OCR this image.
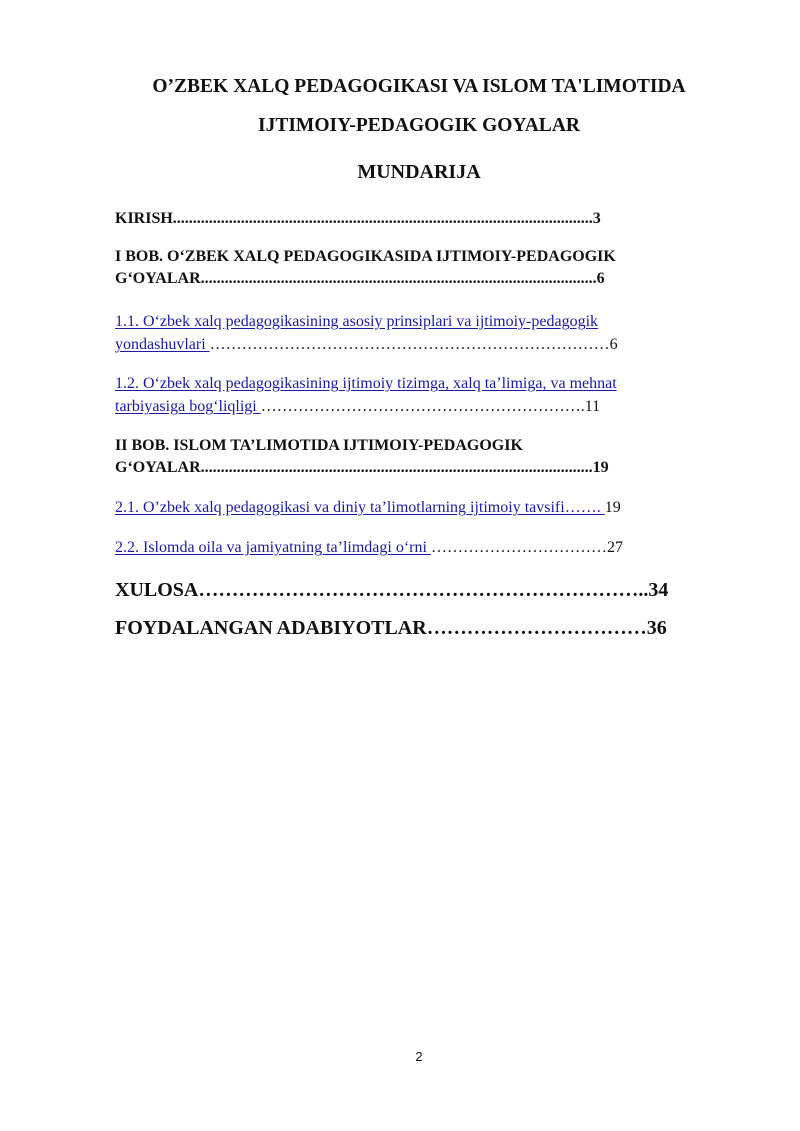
O’ZBEK XALQ PEDAGOGIKASI VA ISLOM TA'LIMOTIDA
IJTIMOIY-PEDAGOGIK GOYALAR
MUNDARIJA
KIRISH.........................................................................................................3
I BOB. O‘ZBEK XALQ PEDAGOGIKASIDA IJTIMOIY-PEDAGOGIK
G‘OYALAR...................................................................................................6
1.1. O‘zbek xalq pedagogikasining asosiy prinsiplari va ijtimoiy-pedagogik
yondashuvlari …………………………………………………………………6
1.2. O‘zbek xalq pedagogikasining ijtimoiy tizimga, xalq ta’limiga, va mehnat
tarbiyasiga bog‘liqligi …………………………………………………….11
II BOB. ISLOM TA’LIMOTIDA IJTIMOIY-PEDAGOGIK
G‘OYALAR..................................................................................................19
2.1. O’zbek xalq pedagogikasi va diniy ta’limotlarning ijtimoiy tavsifi……. 19
2.2. Islomda oila va jamiyatning ta’limdagi o‘rni ……………………………27
XULOSA…………………………………………………………..34
FOYDALANGAN ADABIYOTLAR……………………………36
2
